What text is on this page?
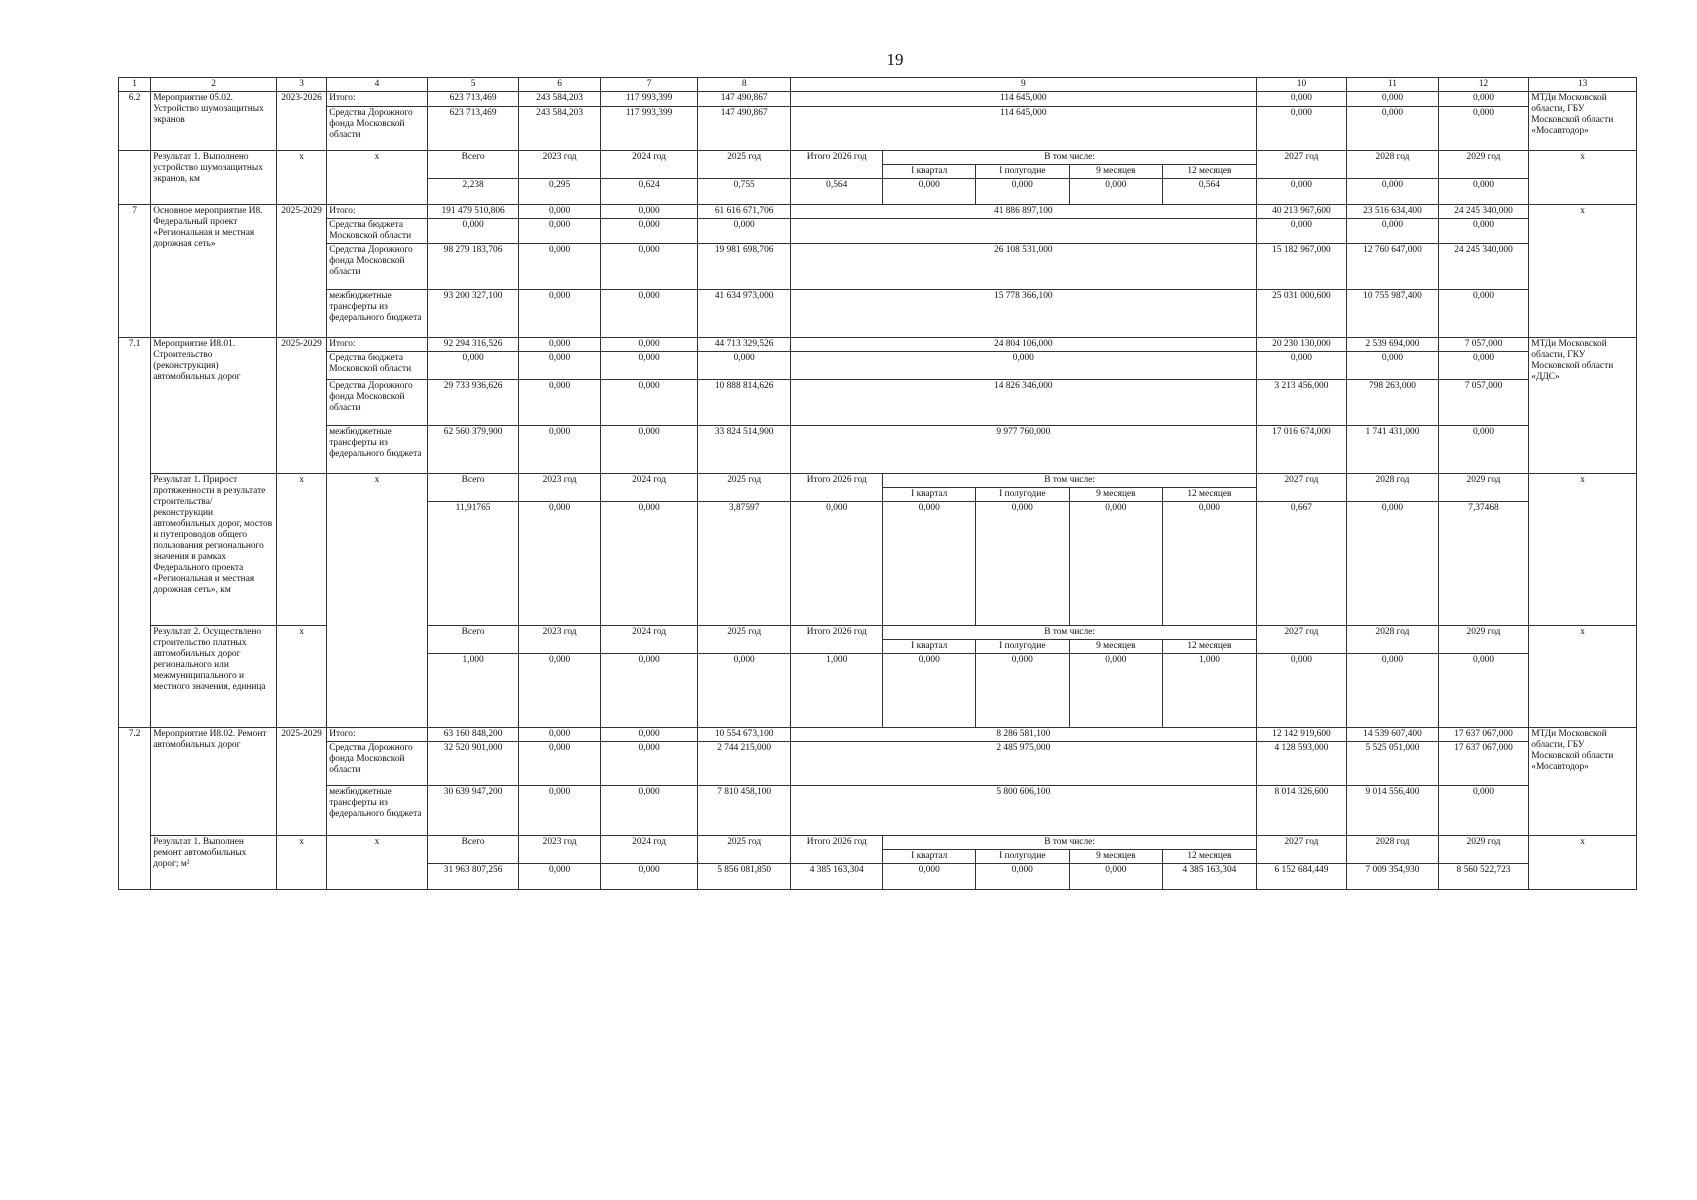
19
1	2	3	4	5	6	7	8	9					10	11	12	13
6.2	Мероприятие 05.02. Устройство шумозащитных экранов	2023-2026	Итого:	623 713,469	243 584,203	117 993,399	147 490,867	114 645,000					0,000	0,000	0,000	МТДи Московской области, ГБУ Московской области «Мосавтодор»
			Средства Дорожного фонда Московской области	623 713,469	243 584,203	117 993,399	147 490,867	114 645,000					0,000	0,000	0,000	
	Результат 1. Выполнено устройство шумозащитных экранов, км	х	х	Всего	2023 год	2024 год	2025 год	Итого 2026 год	В том числе:				2027 год	2028 год	2029 год	х
									I квартал	I полугодие	9 месяцев	12 месяцев				
				2,238	0,295	0,624	0,755	0,564	0,000	0,000	0,000	0,564	0,000	0,000	0,000	
7	Основное мероприятие И8. Федеральный проект «Региональная и местная дорожная сеть»	2025-2029	Итого:	191 479 510,806	0,000	0,000	61 616 671,706	41 886 897,100					40 213 967,600	23 516 634,400	24 245 340,000	х
			Средства бюджета Московской области	0,000	0,000	0,000	0,000						0,000	0,000	0,000	
			Средства Дорожного фонда Московской области	98 279 183,706	0,000	0,000	19 981 698,706	26 108 531,000					15 182 967,000	12 760 647,000	24 245 340,000	
			межбюджетные трансферты из федерального бюджета	93 200 327,100	0,000	0,000	41 634 973,000	15 778 366,100					25 031 000,600	10 755 987,400	0,000	
7.1	Мероприятие И8.01. Строительство (реконструкция) автомобильных дорог	2025-2029	Итого:	92 294 316,526	0,000	0,000	44 713 329,526	24 804 106,000					20 230 130,000	2 539 694,000	7 057,000	МТДи Московской области, ГКУ Московской области «ДДС»
			Средства бюджета Московской области	0,000	0,000	0,000	0,000	0,000					0,000	0,000	0,000	
			Средства Дорожного фонда Московской области	29 733 936,626	0,000	0,000	10 888 814,626	14 826 346,000					3 213 456,000	798 263,000	7 057,000	
			межбюджетные трансферты из федерального бюджета	62 560 379,900	0,000	0,000	33 824 514,900	9 977 760,000					17 016 674,000	1 741 431,000	0,000	
	Результат 1. Прирост протяженности в результате строительства/ реконструкции автомобильных дорог, мостов и путепроводов общего пользования регионального значения в рамках Федерального проекта «Региональная и местная дорожная сеть», км	х	х	Всего	2023 год	2024 год	2025 год	Итого 2026 год	В том числе:				2027 год	2028 год	2029 год	х
									I квартал	I полугодие	9 месяцев	12 месяцев				
				11,91765	0,000	0,000	3,87597	0,000	0,000	0,000	0,000	0,000	0,667	0,000	7,37468	
	Результат 2. Осуществлено строительство платных автомобильных дорог регионального или межмуниципального и местного значения, единица	х		Всего	2023 год	2024 год	2025 год	Итого 2026 год	В том числе:				2027 год	2028 год	2029 год	х
									I квартал	I полугодие	9 месяцев	12 месяцев				
				1,000	0,000	0,000	0,000	1,000	0,000	0,000	0,000	1,000	0,000	0,000	0,000	
7.2	Мероприятие И8.02. Ремонт автомобильных дорог	2025-2029	Итого:	63 160 848,200	0,000	0,000	10 554 673,100	8 286 581,100					12 142 919,600	14 539 607,400	17 637 067,000	МТДи Московской области, ГБУ Московской области «Мосавтодор»
			Средства Дорожного фонда Московской области	32 520 901,000	0,000	0,000	2 744 215,000	2 485 975,000					4 128 593,000	5 525 051,000	17 637 067,000	
			межбюджетные трансферты из федерального бюджета	30 639 947,200	0,000	0,000	7 810 458,100	5 800 606,100					8 014 326,600	9 014 556,400	0,000	
	Результат 1. Выполнен ремонт автомобильных дорог; м²	х	х	Всего	2023 год	2024 год	2025 год	Итого 2026 год	В том числе:				2027 год	2028 год	2029 год	х
									I квартал	I полугодие	9 месяцев	12 месяцев				
				31 963 807,256	0,000	0,000	5 856 081,850	4 385 163,304	0,000	0,000	0,000	4 385 163,304	6 152 684,449	7 009 354,930	8 560 522,723	
